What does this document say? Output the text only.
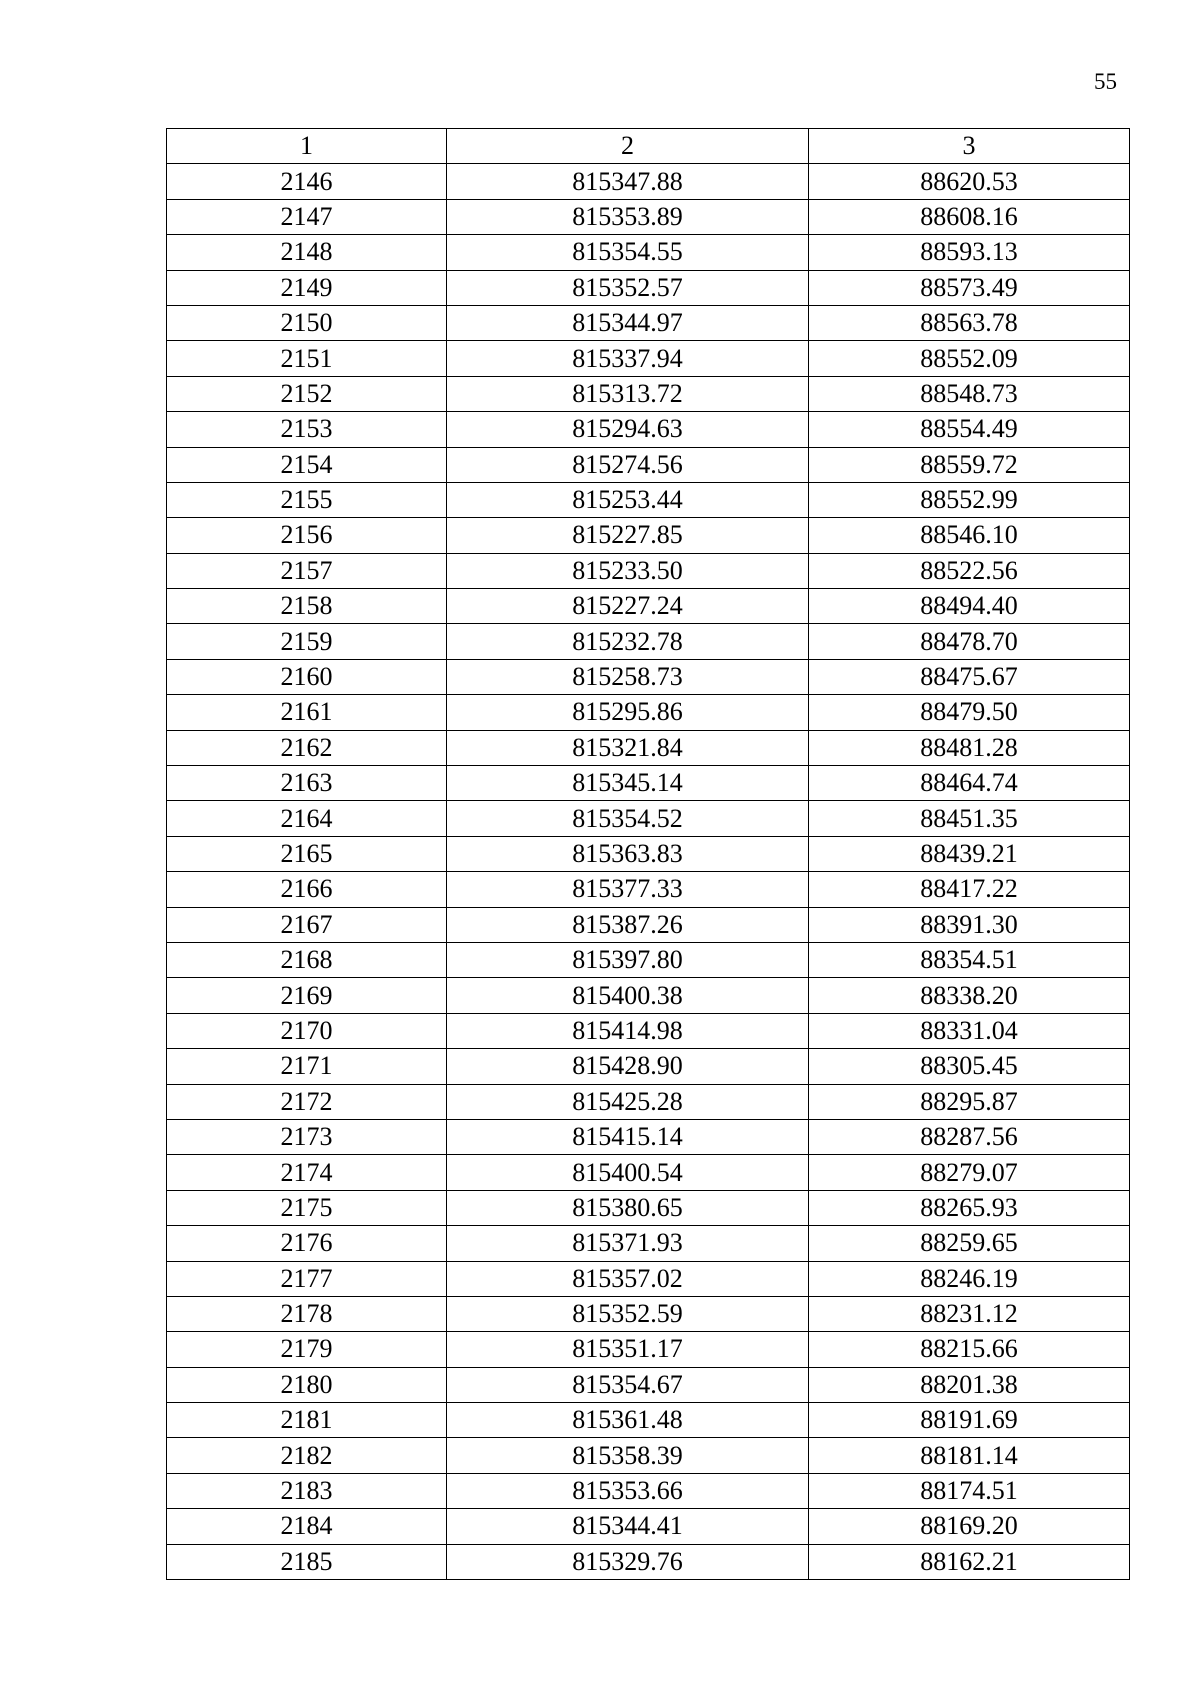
55
1	2	3
2146	815347.88	88620.53
2147	815353.89	88608.16
2148	815354.55	88593.13
2149	815352.57	88573.49
2150	815344.97	88563.78
2151	815337.94	88552.09
2152	815313.72	88548.73
2153	815294.63	88554.49
2154	815274.56	88559.72
2155	815253.44	88552.99
2156	815227.85	88546.10
2157	815233.50	88522.56
2158	815227.24	88494.40
2159	815232.78	88478.70
2160	815258.73	88475.67
2161	815295.86	88479.50
2162	815321.84	88481.28
2163	815345.14	88464.74
2164	815354.52	88451.35
2165	815363.83	88439.21
2166	815377.33	88417.22
2167	815387.26	88391.30
2168	815397.80	88354.51
2169	815400.38	88338.20
2170	815414.98	88331.04
2171	815428.90	88305.45
2172	815425.28	88295.87
2173	815415.14	88287.56
2174	815400.54	88279.07
2175	815380.65	88265.93
2176	815371.93	88259.65
2177	815357.02	88246.19
2178	815352.59	88231.12
2179	815351.17	88215.66
2180	815354.67	88201.38
2181	815361.48	88191.69
2182	815358.39	88181.14
2183	815353.66	88174.51
2184	815344.41	88169.20
2185	815329.76	88162.21
